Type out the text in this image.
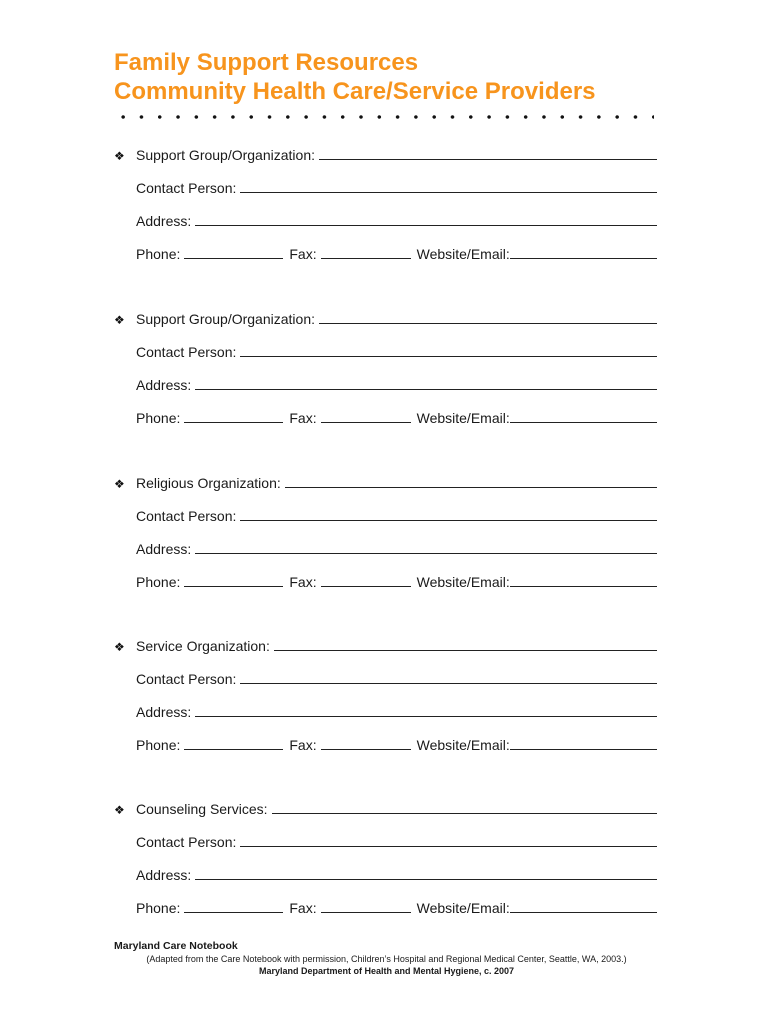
Family Support Resources
Community Health Care/Service Providers
❖ Support Group/Organization:
Contact Person:
Address:
Phone:	Fax:	Website/Email:
❖ Support Group/Organization:
Contact Person:
Address:
Phone:	Fax:	Website/Email:
❖ Religious Organization:
Contact Person:
Address:
Phone:	Fax:	Website/Email:
❖ Service Organization:
Contact Person:
Address:
Phone:	Fax:	Website/Email:
❖ Counseling Services:
Contact Person:
Address:
Phone:	Fax:	Website/Email:
Maryland Care Notebook
(Adapted from the Care Notebook with permission, Children’s Hospital and Regional Medical Center, Seattle, WA, 2003.)
Maryland Department of Health and Mental Hygiene, c. 2007
